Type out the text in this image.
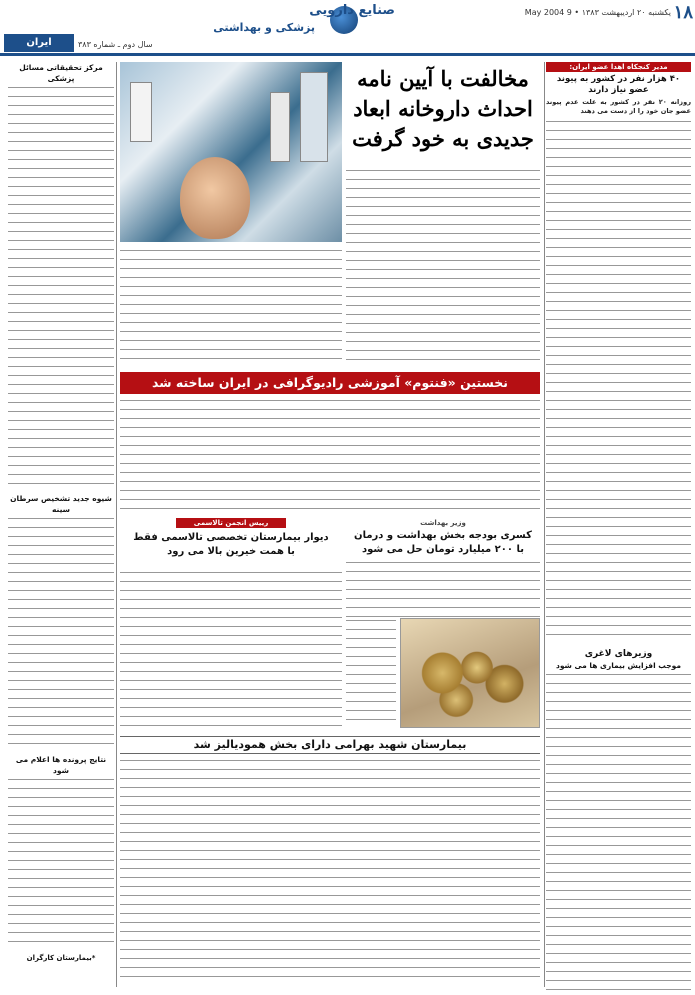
۱۸
یکشنبه ۲۰ اردیبهشت ۱۳۸۳ • 9 May 2004
صنایع دارویی
پزشکی و بهداشتی
ایران	سال دوم ـ شماره ۳۸۳
مدیر کنجکاه اهدا عضو ایران:
۴۰ هزار نفر در کشور به پیوند عضو نیاز دارند
روزانه ۲۰ نفر در کشور به علت عدم پیوند عضو جان خود را از دست می دهند
وزیرهای لاغری
موجب افزایش بیماری ها می شود
مخالفت با آیین نامه
احداث داروخانه ابعاد
جدیدی به خود گرفت
مرکز تحقیقاتی مسائل پزشکی
شیوه جدید تشخیص سرطان سینه
نتایج پرونده ها اعلام می شود
*بیمارستان کارگران
نخستین «فنتوم» آموزشی رادیوگرافی در ایران ساخته شد
وزیر بهداشت
کسری بودجه بخش بهداشت و درمان
با ۲۰۰ میلیارد تومان حل می شود
رییس انجمن تالاسمی
دیوار بیمارستان تخصصی تالاسمی فقط
با همت خیرین بالا می رود
بیمارستان شهید بهرامی دارای بخش همودیالیز شد
